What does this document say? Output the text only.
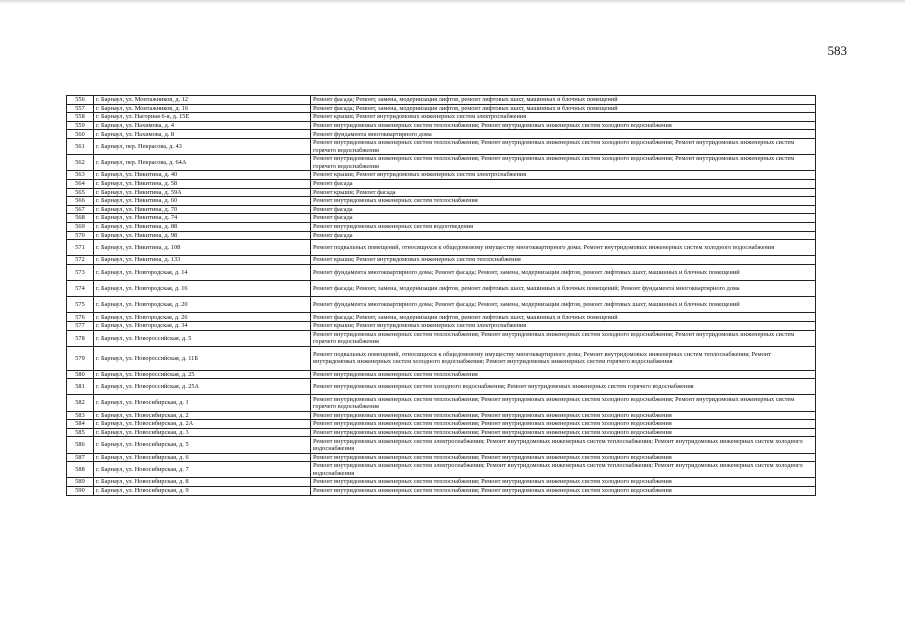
583
556	г. Барнаул, ул. Монтажников, д. 12	Ремонт фасада; Ремонт, замена, модернизация лифтов, ремонт лифтовых шахт, машинных и блочных помещений
557	г. Барнаул, ул. Монтажников, д. 16	Ремонт фасада; Ремонт, замена, модернизация лифтов, ремонт лифтовых шахт, машинных и блочных помещений
558	г. Барнаул, ул. Нагорная 6-я, д. 15Е	Ремонт крыши; Ремонт внутридомовых инженерных систем электроснабжения
559	г. Барнаул, ул. Нахимова, д. 4	Ремонт внутридомовых инженерных систем теплоснабжения; Ремонт внутридомовых инженерных систем холодного водоснабжения
560	г. Барнаул, ул. Нахимова, д. 8	Ремонт фундамента многоквартирного дома
561	г. Барнаул, пер. Некрасова, д. 43	Ремонт внутридомовых инженерных систем теплоснабжения; Ремонт внутридомовых инженерных систем холодного водоснабжения; Ремонт внутридомовых инженерных систем горячего водоснабжения
562	г. Барнаул, пер. Некрасова, д. 64А	Ремонт внутридомовых инженерных систем теплоснабжения; Ремонт внутридомовых инженерных систем холодного водоснабжения; Ремонт внутридомовых инженерных систем горячего водоснабжения
563	г. Барнаул, ул. Никитина, д. 40	Ремонт крыши; Ремонт внутридомовых инженерных систем электроснабжения
564	г. Барнаул, ул. Никитина, д. 58	Ремонт фасада
565	г. Барнаул, ул. Никитина, д. 59А	Ремонт крыши; Ремонт фасада
566	г. Барнаул, ул. Никитина, д. 60	Ремонт внутридомовых инженерных систем теплоснабжения
567	г. Барнаул, ул. Никитина, д. 70	Ремонт фасада
568	г. Барнаул, ул. Никитина, д. 74	Ремонт фасада
569	г. Барнаул, ул. Никитина, д. 88	Ремонт внутридомовых инженерных систем водоотведения
570	г. Барнаул, ул. Никитина, д. 98	Ремонт фасада
571	г. Барнаул, ул. Никитина, д. 108	Ремонт подвальных помещений, относящихся к общедомовому имуществу многоквартирного дома; Ремонт внутридомовых инженерных систем холодного водоснабжения
572	г. Барнаул, ул. Никитина, д. 133	Ремонт крыши; Ремонт внутридомовых инженерных систем теплоснабжения
573	г. Барнаул, ул. Новгородская, д. 14	Ремонт фундамента многоквартирного дома; Ремонт фасада; Ремонт, замена, модернизация лифтов, ремонт лифтовых шахт, машинных и блочных помещений
574	г. Барнаул, ул. Новгородская, д. 16	Ремонт фасада; Ремонт, замена, модернизация лифтов, ремонт лифтовых шахт, машинных и блочных помещений; Ремонт фундамента многоквартирного дома
575	г. Барнаул, ул. Новгородская, д. 20	Ремонт фундамента многоквартирного дома; Ремонт фасада; Ремонт, замена, модернизация лифтов, ремонт лифтовых шахт, машинных и блочных помещений
576	г. Барнаул, ул. Новгородская, д. 26	Ремонт фасада; Ремонт, замена, модернизация лифтов, ремонт лифтовых шахт, машинных и блочных помещений
577	г. Барнаул, ул. Новгородская, д. 34	Ремонт крыши; Ремонт внутридомовых инженерных систем электроснабжения
578	г. Барнаул, ул. Новороссийская, д. 5	Ремонт внутридомовых инженерных систем теплоснабжения; Ремонт внутридомовых инженерных систем холодного водоснабжения; Ремонт внутридомовых инженерных систем горячего водоснабжения
579	г. Барнаул, ул. Новороссийская, д. 11Б	Ремонт подвальных помещений, относящихся к общедомовому имуществу многоквартирного дома; Ремонт внутридомовых инженерных систем теплоснабжения; Ремонт внутридомовых инженерных систем холодного водоснабжения; Ремонт внутридомовых инженерных систем горячего водоснабжения
580	г. Барнаул, ул. Новороссийская, д. 25	Ремонт внутридомовых инженерных систем теплоснабжения
581	г. Барнаул, ул. Новороссийская, д. 25А	Ремонт внутридомовых инженерных систем холодного водоснабжения; Ремонт внутридомовых инженерных систем горячего водоснабжения
582	г. Барнаул, ул. Новосибирская, д. 1	Ремонт внутридомовых инженерных систем теплоснабжения; Ремонт внутридомовых инженерных систем холодного водоснабжения; Ремонт внутридомовых инженерных систем горячего водоснабжения
583	г. Барнаул, ул. Новосибирская, д. 2	Ремонт внутридомовых инженерных систем теплоснабжения; Ремонт внутридомовых инженерных систем холодного водоснабжения
584	г. Барнаул, ул. Новосибирская, д. 2А	Ремонт внутридомовых инженерных систем теплоснабжения; Ремонт внутридомовых инженерных систем холодного водоснабжения
585	г. Барнаул, ул. Новосибирская, д. 3	Ремонт внутридомовых инженерных систем теплоснабжения; Ремонт внутридомовых инженерных систем холодного водоснабжения
586	г. Барнаул, ул. Новосибирская, д. 5	Ремонт внутридомовых инженерных систем электроснабжения; Ремонт внутридомовых инженерных систем теплоснабжения; Ремонт внутридомовых инженерных систем холодного водоснабжения
587	г. Барнаул, ул. Новосибирская, д. 6	Ремонт внутридомовых инженерных систем теплоснабжения; Ремонт внутридомовых инженерных систем холодного водоснабжения
588	г. Барнаул, ул. Новосибирская, д. 7	Ремонт внутридомовых инженерных систем электроснабжения; Ремонт внутридомовых инженерных систем теплоснабжения; Ремонт внутридомовых инженерных систем холодного водоснабжения
589	г. Барнаул, ул. Новосибирская, д. 8	Ремонт внутридомовых инженерных систем теплоснабжения; Ремонт внутридомовых инженерных систем холодного водоснабжения
590	г. Барнаул, ул. Новосибирская, д. 9	Ремонт внутридомовых инженерных систем теплоснабжения; Ремонт внутридомовых инженерных систем холодного водоснабжения
